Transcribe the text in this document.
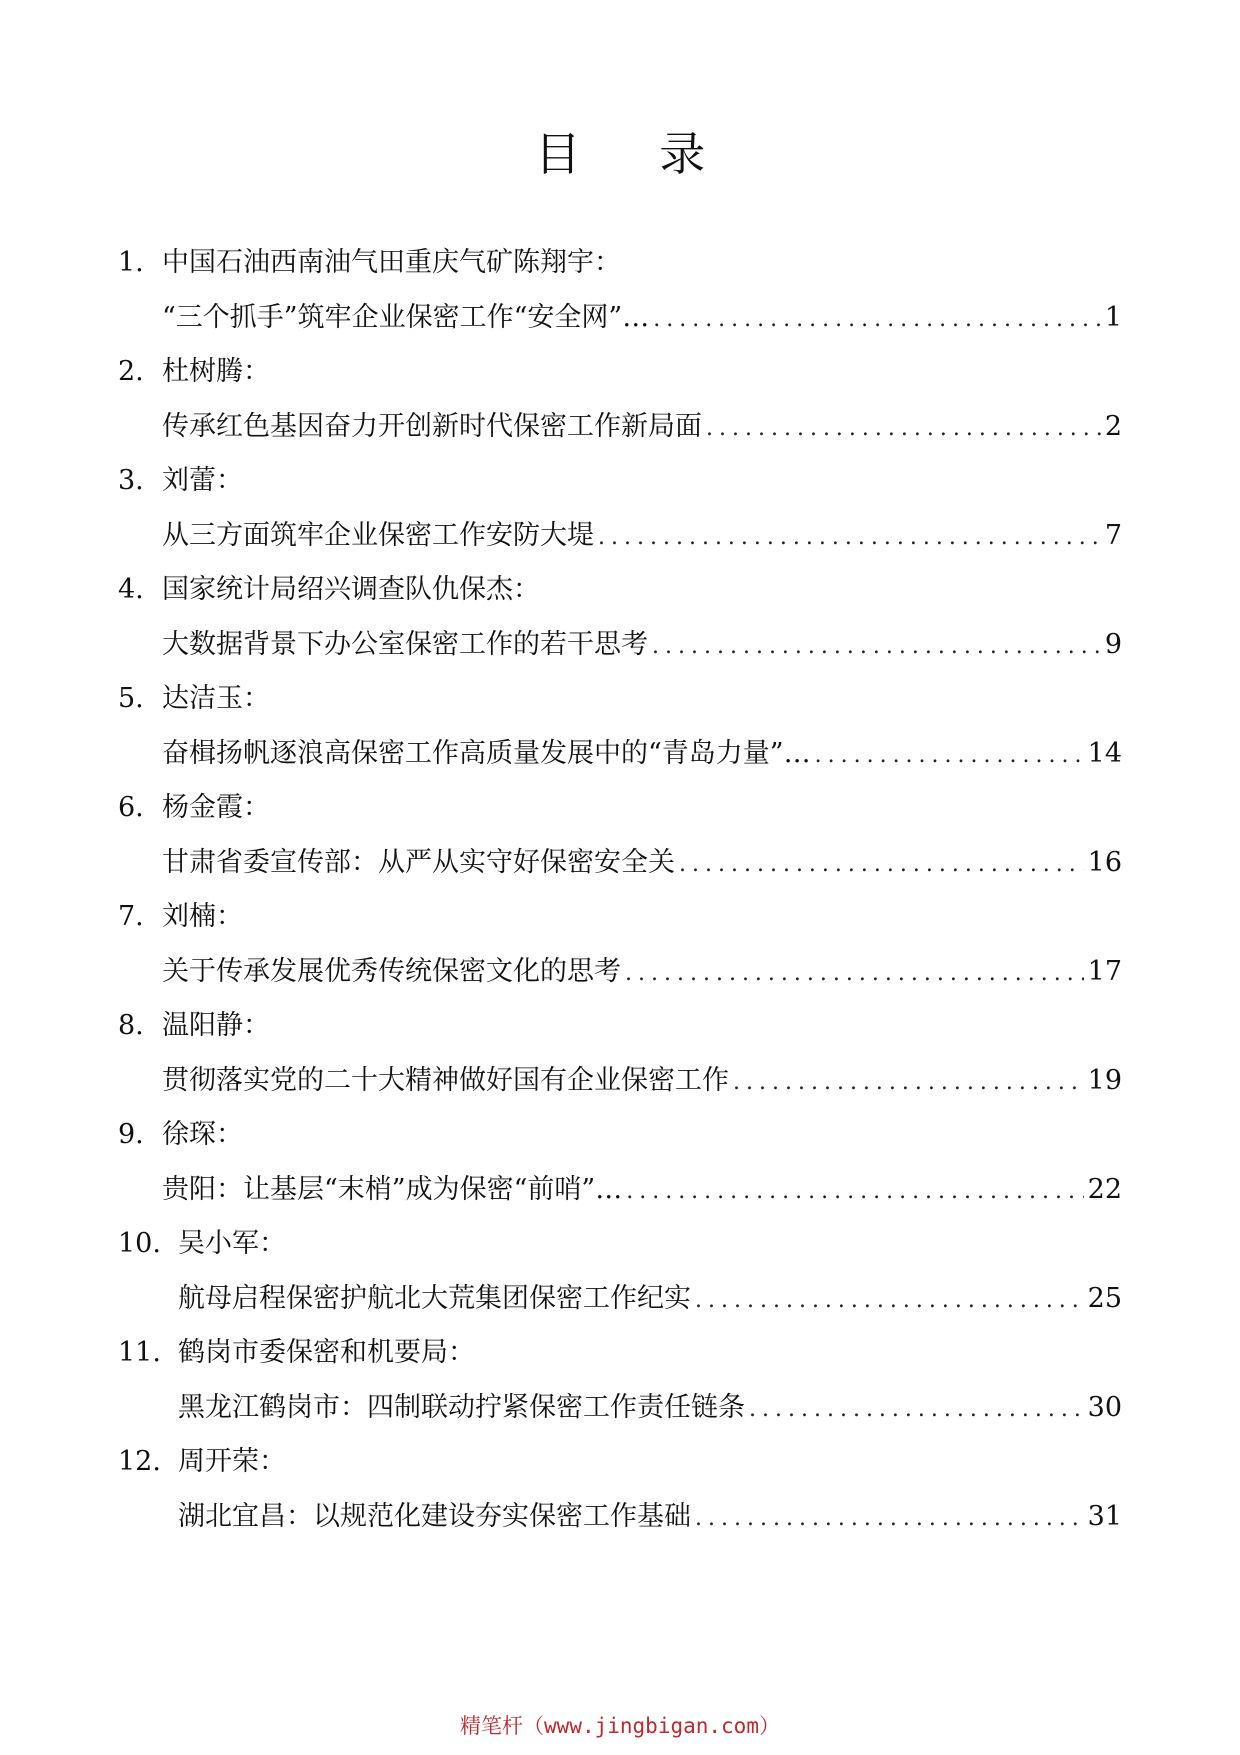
目 录
1. 中国石油西南油气田重庆气矿陈翔宇：
“三个抓手”筑牢企业保密工作“安全网”… .....	1
2. 杜树腾：
传承红色基因奋力开创新时代保密工作新局面 .....	2
3. 刘蕾：
从三方面筑牢企业保密工作安防大堤 .....	7
4. 国家统计局绍兴调查队仇保杰：
大数据背景下办公室保密工作的若干思考 .....	9
5. 达洁玉：
奋楫扬帆逐浪高保密工作高质量发展中的“青岛力量”… .....	14
6. 杨金霞：
甘肃省委宣传部：从严从实守好保密安全关 .....	16
7. 刘楠：
关于传承发展优秀传统保密文化的思考 .....	17
8. 温阳静：
贯彻落实党的二十大精神做好国有企业保密工作 .....	19
9. 徐琛：
贵阳：让基层“末梢”成为保密“前哨”… .....	22
10. 吴小军：
航母启程保密护航北大荒集团保密工作纪实 .....	25
11. 鹤岗市委保密和机要局：
黑龙江鹤岗市：四制联动拧紧保密工作责任链条 .....	30
12. 周开荣：
湖北宜昌：以规范化建设夯实保密工作基础 .....	31
精笔杆（www.jingbigan.com）
